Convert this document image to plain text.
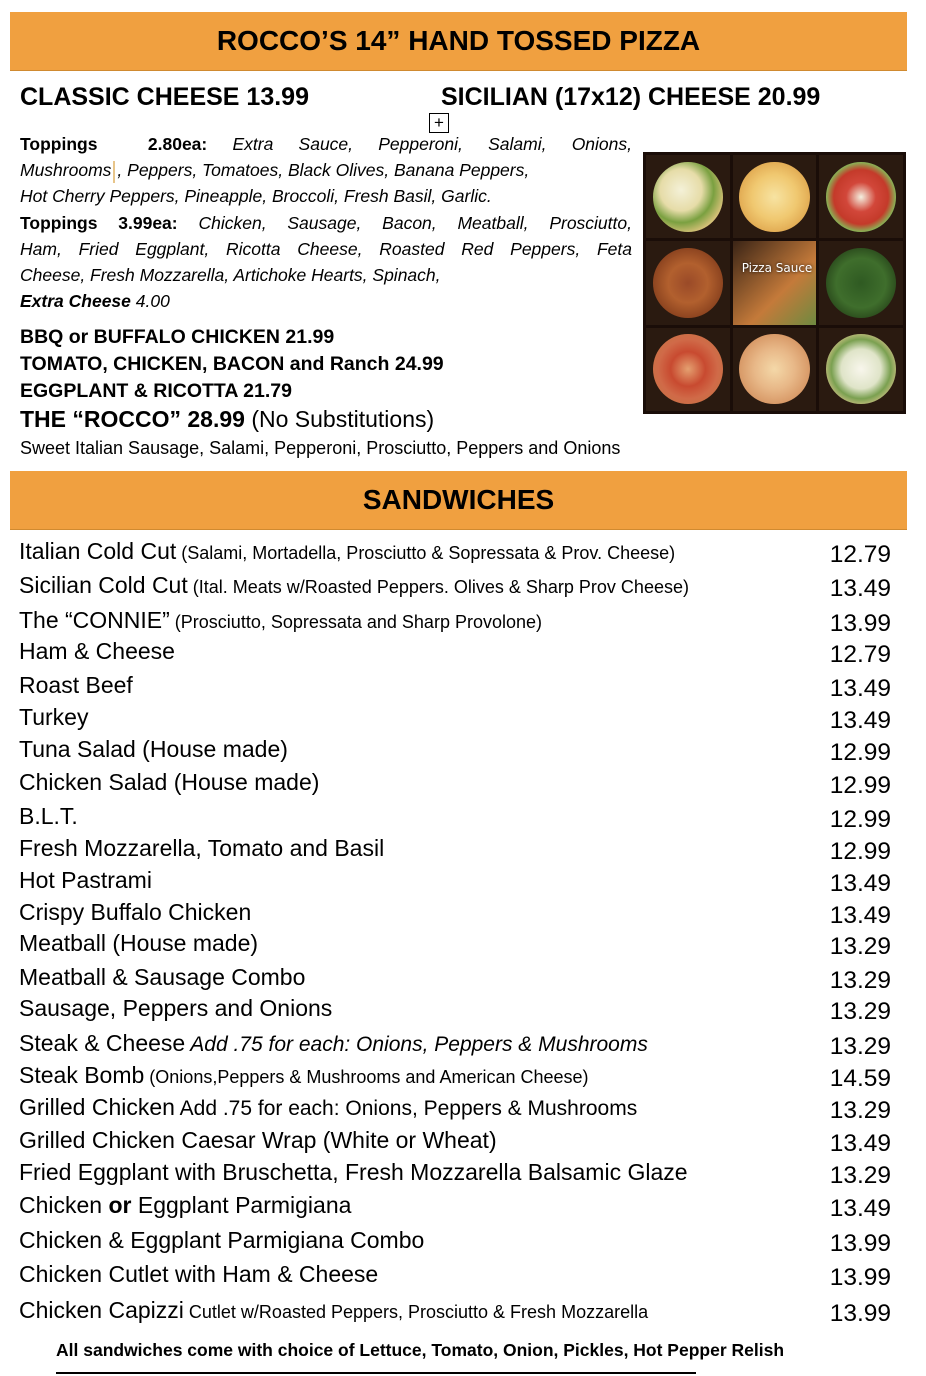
ROCCO’S 14” HAND TOSSED PIZZA
CLASSIC CHEESE 13.99	SICILIAN (17x12) CHEESE 20.99
+
Toppings	2.80ea: Extra Sauce, Pepperoni, Salami, Onions,
Mushrooms , Peppers, Tomatoes, Black Olives, Banana Peppers,
Hot Cherry Peppers, Pineapple, Broccoli, Fresh Basil, Garlic.
Toppings 3.99ea: Chicken, Sausage, Bacon, Meatball, Prosciutto,
Ham, Fried Eggplant, Ricotta Cheese, Roasted Red Peppers, Feta
Cheese, Fresh Mozzarella, Artichoke Hearts, Spinach,
Extra Cheese 4.00
BBQ or BUFFALO CHICKEN 21.99
TOMATO, CHICKEN, BACON and Ranch 24.99
EGGPLANT & RICOTTA 21.79
THE “ROCCO” 28.99 (No Substitutions)
Sweet Italian Sausage, Salami, Pepperoni, Prosciutto, Peppers and Onions
Pizza Sauce
SANDWICHES
Italian Cold Cut (Salami, Mortadella, Prosciutto & Sopressata & Prov. Cheese)	12.79
Sicilian Cold Cut (Ital. Meats w/Roasted Peppers. Olives & Sharp Prov Cheese)	13.49
The “CONNIE” (Prosciutto, Sopressata and Sharp Provolone)	13.99
Ham & Cheese	12.79
Roast Beef	13.49
Turkey	13.49
Tuna Salad (House made)	12.99
Chicken Salad (House made)	12.99
B.L.T.	12.99
Fresh Mozzarella, Tomato and Basil	12.99
Hot Pastrami	13.49
Crispy Buffalo Chicken	13.49
Meatball (House made)	13.29
Meatball & Sausage Combo	13.29
Sausage, Peppers and Onions	13.29
Steak & Cheese Add .75 for each: Onions, Peppers & Mushrooms	13.29
Steak Bomb (Onions,Peppers & Mushrooms and American Cheese)	14.59
Grilled Chicken Add .75 for each: Onions, Peppers & Mushrooms	13.29
Grilled Chicken Caesar Wrap (White or Wheat)	13.49
Fried Eggplant with Bruschetta, Fresh Mozzarella Balsamic Glaze	13.29
Chicken or Eggplant Parmigiana	13.49
Chicken & Eggplant Parmigiana Combo	13.99
Chicken Cutlet with Ham & Cheese	13.99
Chicken Capizzi Cutlet w/Roasted Peppers, Prosciutto & Fresh Mozzarella	13.99
All sandwiches come with choice of Lettuce, Tomato, Onion, Pickles, Hot Pepper Relish
